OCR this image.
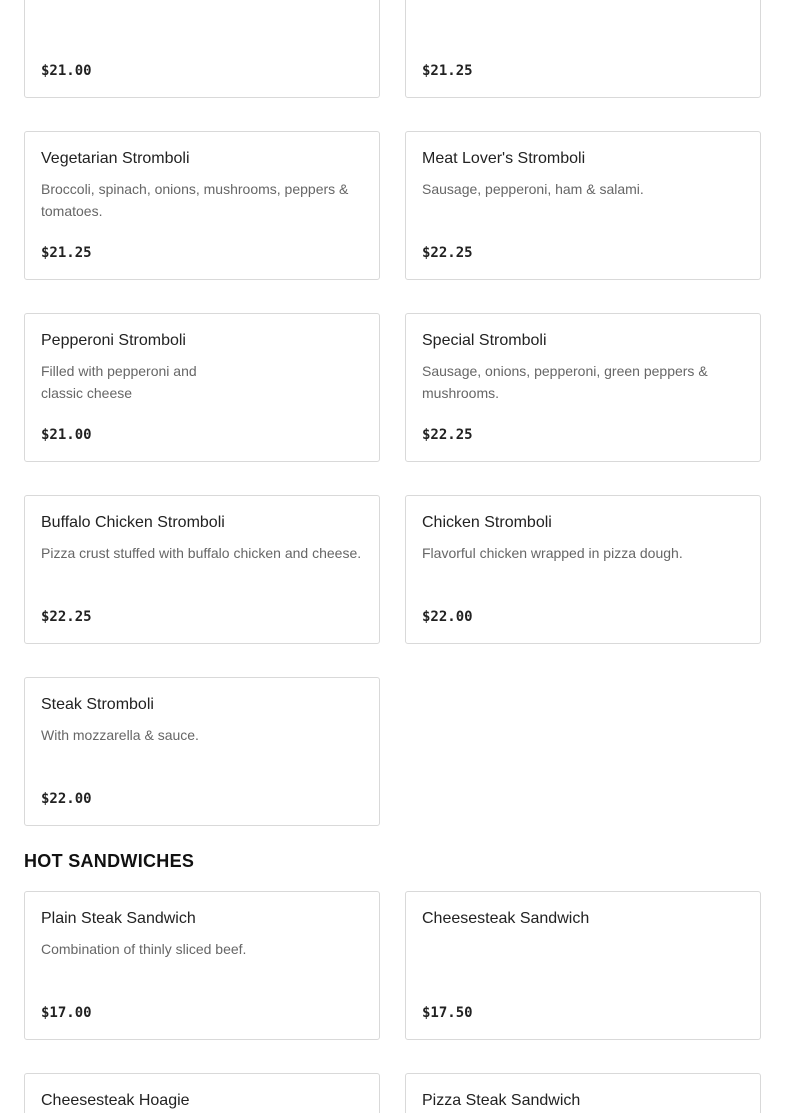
$21.00	$21.25
Vegetarian Stromboli
Broccoli, spinach, onions, mushrooms, peppers & tomatoes.
$21.25
Meat Lover's Stromboli
Sausage, pepperoni, ham & salami.
$22.25
Pepperoni Stromboli
Filled with pepperoni and classic cheese
$21.00
Special Stromboli
Sausage, onions, pepperoni, green peppers & mushrooms.
$22.25
Buffalo Chicken Stromboli
Pizza crust stuffed with buffalo chicken and cheese.
$22.25
Chicken Stromboli
Flavorful chicken wrapped in pizza dough.
$22.00
Steak Stromboli
With mozzarella & sauce.
$22.00
HOT SANDWICHES
Plain Steak Sandwich
Combination of thinly sliced beef.
$17.00
Cheesesteak Sandwich
$17.50
Cheesesteak Hoagie	Pizza Steak Sandwich
